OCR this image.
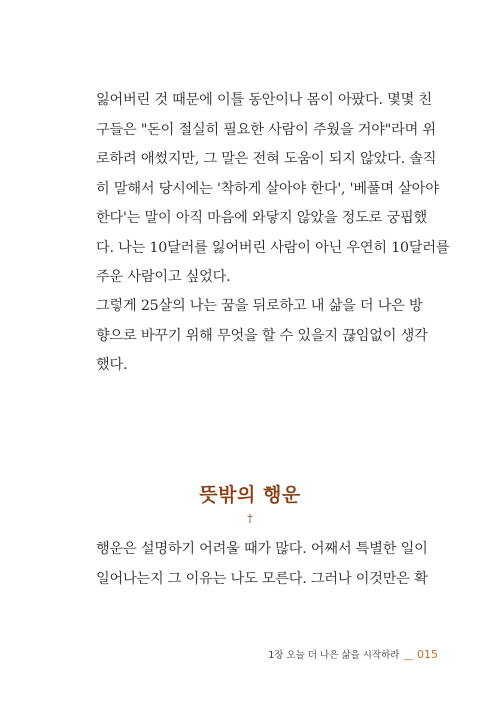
잃어버린 것 때문에 이틀 동안이나 몸이 아팠다. 몇몇 친
구들은 "돈이 절실히 필요한 사람이 주웠을 거야"라며 위
로하려 애썼지만, 그 말은 전혀 도움이 되지 않았다. 솔직
히 말해서 당시에는 '착하게 살아야 한다', '베풀며 살아야
한다'는 말이 아직 마음에 와닿지 않았을 정도로 궁핍했
다. 나는 10달러를 잃어버린 사람이 아닌 우연히 10달러를
주운 사람이고 싶었다.
그렇게 25살의 나는 꿈을 뒤로하고 내 삶을 더 나은 방
향으로 바꾸기 위해 무엇을 할 수 있을지 끊임없이 생각
했다.
뜻밖의 행운
†
행운은 설명하기 어려울 때가 많다. 어째서 특별한 일이
일어나는지 그 이유는 나도 모른다. 그러나 이것만은 확
1장 오늘 더 나은 삶을 시작하라 __ 015
